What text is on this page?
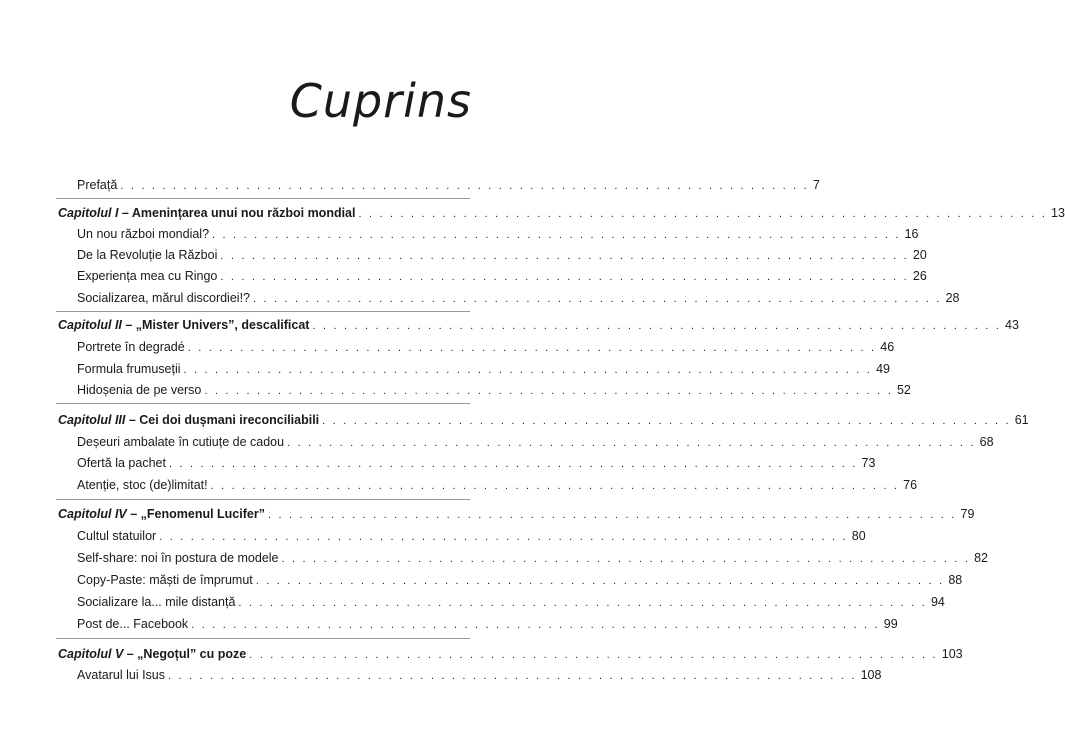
Cuprins
Prefață . . . . . . . . . . . . . . . . . . . . . . . . . . . . . . . . . . . . . . . . . . . . . . . . . . . . . . . . . . . . . . . . . . 7
Capitolul I – Amenințarea unui nou război mondial . . . . . . . . . . . . . . . . . . . . . . . . . . . . . . . . . . . . . . . . . . . . . . . . . . . . . . . . . . . . . . . . . . 13
Un nou război mondial? . . . . . . . . . . . . . . . . . . . . . . . . . . . . . . . . . . . . . . . . . . . . . . . . . . . . . . . . . . . . . . . . . . 16
De la Revoluție la Război . . . . . . . . . . . . . . . . . . . . . . . . . . . . . . . . . . . . . . . . . . . . . . . . . . . . . . . . . . . . . . . . . . 20
Experiența mea cu Ringo . . . . . . . . . . . . . . . . . . . . . . . . . . . . . . . . . . . . . . . . . . . . . . . . . . . . . . . . . . . . . . . . . . 26
Socializarea, mărul discordiei!? . . . . . . . . . . . . . . . . . . . . . . . . . . . . . . . . . . . . . . . . . . . . . . . . . . . . . . . . . . . . . . . . . . 28
Capitolul II – „Mister Univers”, descalificat . . . . . . . . . . . . . . . . . . . . . . . . . . . . . . . . . . . . . . . . . . . . . . . . . . . . . . . . . . . . . . . . . . 43
Portrete în degradé . . . . . . . . . . . . . . . . . . . . . . . . . . . . . . . . . . . . . . . . . . . . . . . . . . . . . . . . . . . . . . . . . . 46
Formula frumuseții . . . . . . . . . . . . . . . . . . . . . . . . . . . . . . . . . . . . . . . . . . . . . . . . . . . . . . . . . . . . . . . . . . 49
Hidoșenia de pe verso . . . . . . . . . . . . . . . . . . . . . . . . . . . . . . . . . . . . . . . . . . . . . . . . . . . . . . . . . . . . . . . . . . 52
Capitolul III – Cei doi dușmani ireconciliabili . . . . . . . . . . . . . . . . . . . . . . . . . . . . . . . . . . . . . . . . . . . . . . . . . . . . . . . . . . . . . . . . . . 61
Deșeuri ambalate în cutiuțe de cadou . . . . . . . . . . . . . . . . . . . . . . . . . . . . . . . . . . . . . . . . . . . . . . . . . . . . . . . . . . . . . . . . . . 68
Ofertă la pachet . . . . . . . . . . . . . . . . . . . . . . . . . . . . . . . . . . . . . . . . . . . . . . . . . . . . . . . . . . . . . . . . . . 73
Atenție, stoc (de)limitat! . . . . . . . . . . . . . . . . . . . . . . . . . . . . . . . . . . . . . . . . . . . . . . . . . . . . . . . . . . . . . . . . . . 76
Capitolul IV – „Fenomenul Lucifer” . . . . . . . . . . . . . . . . . . . . . . . . . . . . . . . . . . . . . . . . . . . . . . . . . . . . . . . . . . . . . . . . . . 79
Cultul statuilor . . . . . . . . . . . . . . . . . . . . . . . . . . . . . . . . . . . . . . . . . . . . . . . . . . . . . . . . . . . . . . . . . . 80
Self-share: noi în postura de modele . . . . . . . . . . . . . . . . . . . . . . . . . . . . . . . . . . . . . . . . . . . . . . . . . . . . . . . . . . . . . . . . . . 82
Copy-Paste: măști de împrumut . . . . . . . . . . . . . . . . . . . . . . . . . . . . . . . . . . . . . . . . . . . . . . . . . . . . . . . . . . . . . . . . . . 88
Socializare la... mile distanță . . . . . . . . . . . . . . . . . . . . . . . . . . . . . . . . . . . . . . . . . . . . . . . . . . . . . . . . . . . . . . . . . . 94
Post de... Facebook . . . . . . . . . . . . . . . . . . . . . . . . . . . . . . . . . . . . . . . . . . . . . . . . . . . . . . . . . . . . . . . . . . 99
Capitolul V – „Negoțul” cu poze . . . . . . . . . . . . . . . . . . . . . . . . . . . . . . . . . . . . . . . . . . . . . . . . . . . . . . . . . . . . . . . . . . 103
Avatarul lui Isus . . . . . . . . . . . . . . . . . . . . . . . . . . . . . . . . . . . . . . . . . . . . . . . . . . . . . . . . . . . . . . . . . . 108
